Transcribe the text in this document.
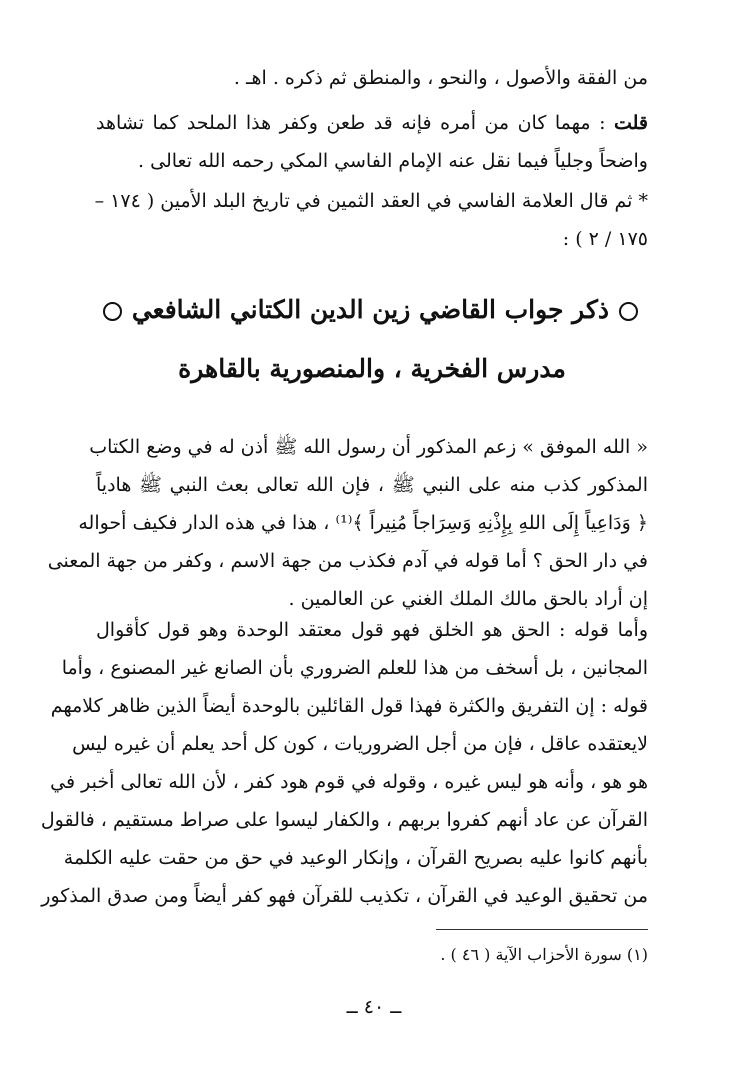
من الفقة والأصول ، والنحو ، والمنطق ثم ذكره . اهـ .
قلت : مهما كان من أمره فإنه قد طعن وكفر هذا الملحد كما تشاهد
واضحاً وجلياً فيما نقل عنه الإمام الفاسي المكي رحمه الله تعالى .
* ثم قال العلامة الفاسي في العقد الثمين في تاريخ البلد الأمين ( ١٧٤ –
١٧٥ / ٢ ) :
ذكر جواب القاضي زين الدين الكتاني الشافعي
مدرس الفخرية ، والمنصورية بالقاهرة
« الله الموفق » زعم المذكور أن رسول الله ﷺ أذن له في وضع الكتاب
المذكور كذب منه على النبي ﷺ ، فإن الله تعالى بعث النبي ﷺ هادياً
﴿ وَدَاعِياً إِلَى اللهِ بِإِذْنِهِ وَسِرَاجاً مُنِيراً ﴾⁽¹⁾ ، هذا في هذه الدار فكيف أحواله
في دار الحق ؟ أما قوله في آدم فكذب من جهة الاسم ، وكفر من جهة المعنى
إن أراد بالحق مالك الملك الغني عن العالمين .
وأما قوله : الحق هو الخلق فهو قول معتقد الوحدة وهو قول كأقوال
المجانين ، بل أسخف من هذا للعلم الضروري بأن الصانع غير المصنوع ، وأما
قوله : إن التفريق والكثرة فهذا قول القائلين بالوحدة أيضاً الذين ظاهر كلامهم
لايعتقده عاقل ، فإن من أجل الضروريات ، كون كل أحد يعلم أن غيره ليس
هو هو ، وأنه هو ليس غيره ، وقوله في قوم هود كفر ، لأن الله تعالى أخبر في
القرآن عن عاد أنهم كفروا بربهم ، والكفار ليسوا على صراط مستقيم ، فالقول
بأنهم كانوا عليه بصريح القرآن ، وإنكار الوعيد في حق من حقت عليه الكلمة
من تحقيق الوعيد في القرآن ، تكذيب للقرآن فهو كفر أيضاً ومن صدق المذكور
(١) سورة الأحزاب الآية ( ٤٦ ) .
ــ ٤٠ ــ
